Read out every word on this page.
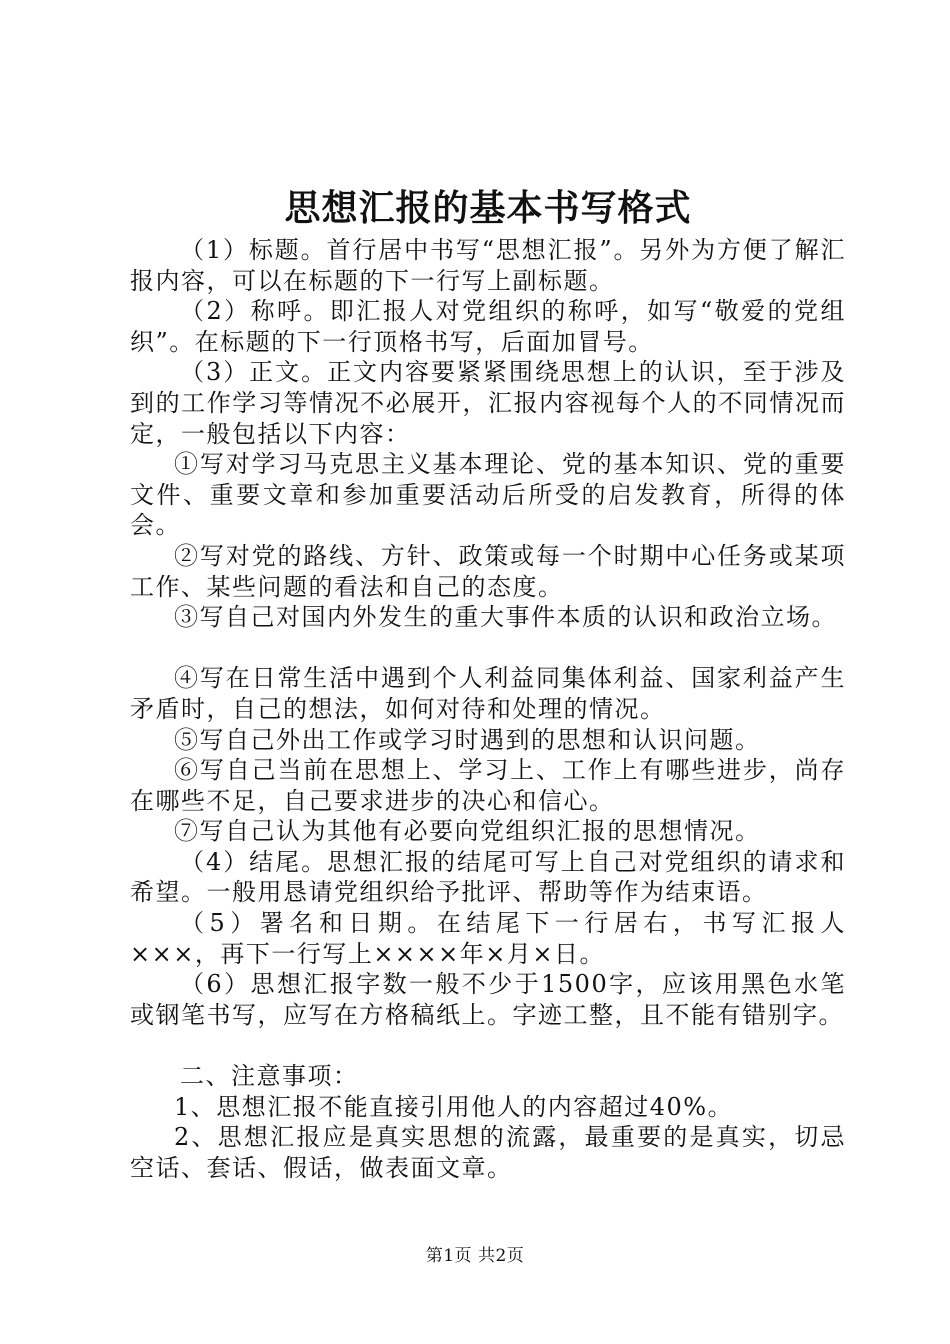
思想汇报的基本书写格式

（1）标题。首行居中书写“思想汇报”。另外为方便了解汇报内容，可以在标题的下一行写上副标题。

（2）称呼。即汇报人对党组织的称呼，如写“敬爱的党组织”。在标题的下一行顶格书写，后面加冒号。

（3）正文。正文内容要紧紧围绕思想上的认识，至于涉及到的工作学习等情况不必展开，汇报内容视每个人的不同情况而定，一般包括以下内容：

①写对学习马克思主义基本理论、党的基本知识、党的重要文件、重要文章和参加重要活动后所受的启发教育，所得的体会。

②写对党的路线、方针、政策或每一个时期中心任务或某项工作、某些问题的看法和自己的态度。

③写自己对国内外发生的重大事件本质的认识和政治立场。

④写在日常生活中遇到个人利益同集体利益、国家利益产生矛盾时，自己的想法，如何对待和处理的情况。

⑤写自己外出工作或学习时遇到的思想和认识问题。

⑥写自己当前在思想上、学习上、工作上有哪些进步，尚存在哪些不足，自己要求进步的决心和信心。

⑦写自己认为其他有必要向党组织汇报的思想情况。

（4）结尾。思想汇报的结尾可写上自己对党组织的请求和希望。一般用恳请党组织给予批评、帮助等作为结束语。

（5）署名和日期。在结尾下一行居右，书写汇报人×××，再下一行写上××××年×月×日。

（6）思想汇报字数一般不少于1500字，应该用黑色水笔或钢笔书写，应写在方格稿纸上。字迹工整，且不能有错别字。

二、注意事项：

1、思想汇报不能直接引用他人的内容超过40%。

2、思想汇报应是真实思想的流露，最重要的是真实，切忌空话、套话、假话，做表面文章。

第1页 共2页
